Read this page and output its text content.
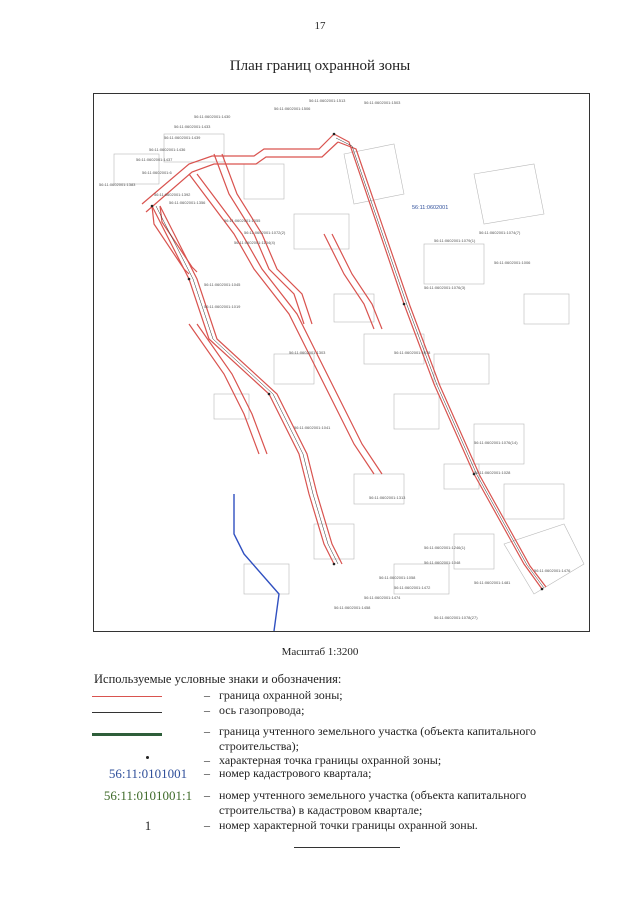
17
План границ охранной зоны
56:11:0602001
56:11:0602001:1513	56:11:0602001:1503
56:11:0602001:1506
56:11:0602001:1430
56:11:0602001:1433
56:11:0602001:1439
56:11:0602001:1436
56:11:0602001:1437
56:11:0602001:6
56:11:0602001:1383
56:11:0602001:1392
56:11:0602001:1356
56:11:0602001:1055
56:11:0602001:1072(2)
56:11:0602001:1134(4)
56:11:0602001:1045
56:11:0602001:1019
56:11:0602001:1303
56:11:0602001:1041
56:11:0602001:1313
56:11:0602001:1048
56:11:0602001:1058
56:11:0602001:1474
56:11:0602001:1458
56:11:0602001:1079(1)
56:11:0602001:1076(3)
56:11:0602001:1074(7)
56:11:0602001:1078
56:11:0602001:1076(14)
56:11:0602001:1028
56:11:0602001:1246(1)
56:11:0602001:1476
56:11:0602001:1481
56:11:0602001:1472
56:11:0602001:1078(27)
56:11:0602001:1006
Масштаб 1:3200
Используемые условные знаки и обозначения:
– граница охранной зоны;
– ось газопровода;
– граница учтенного земельного участка (объекта капитального строительства);
– характерная точка границы охранной зоны;
56:11:0101001	– номер кадастрового квартала;
56:11:0101001:1 – номер учтенного земельного участка (объекта капитального строительства) в кадастровом квартале;
1	– номер характерной точки границы охранной зоны.
